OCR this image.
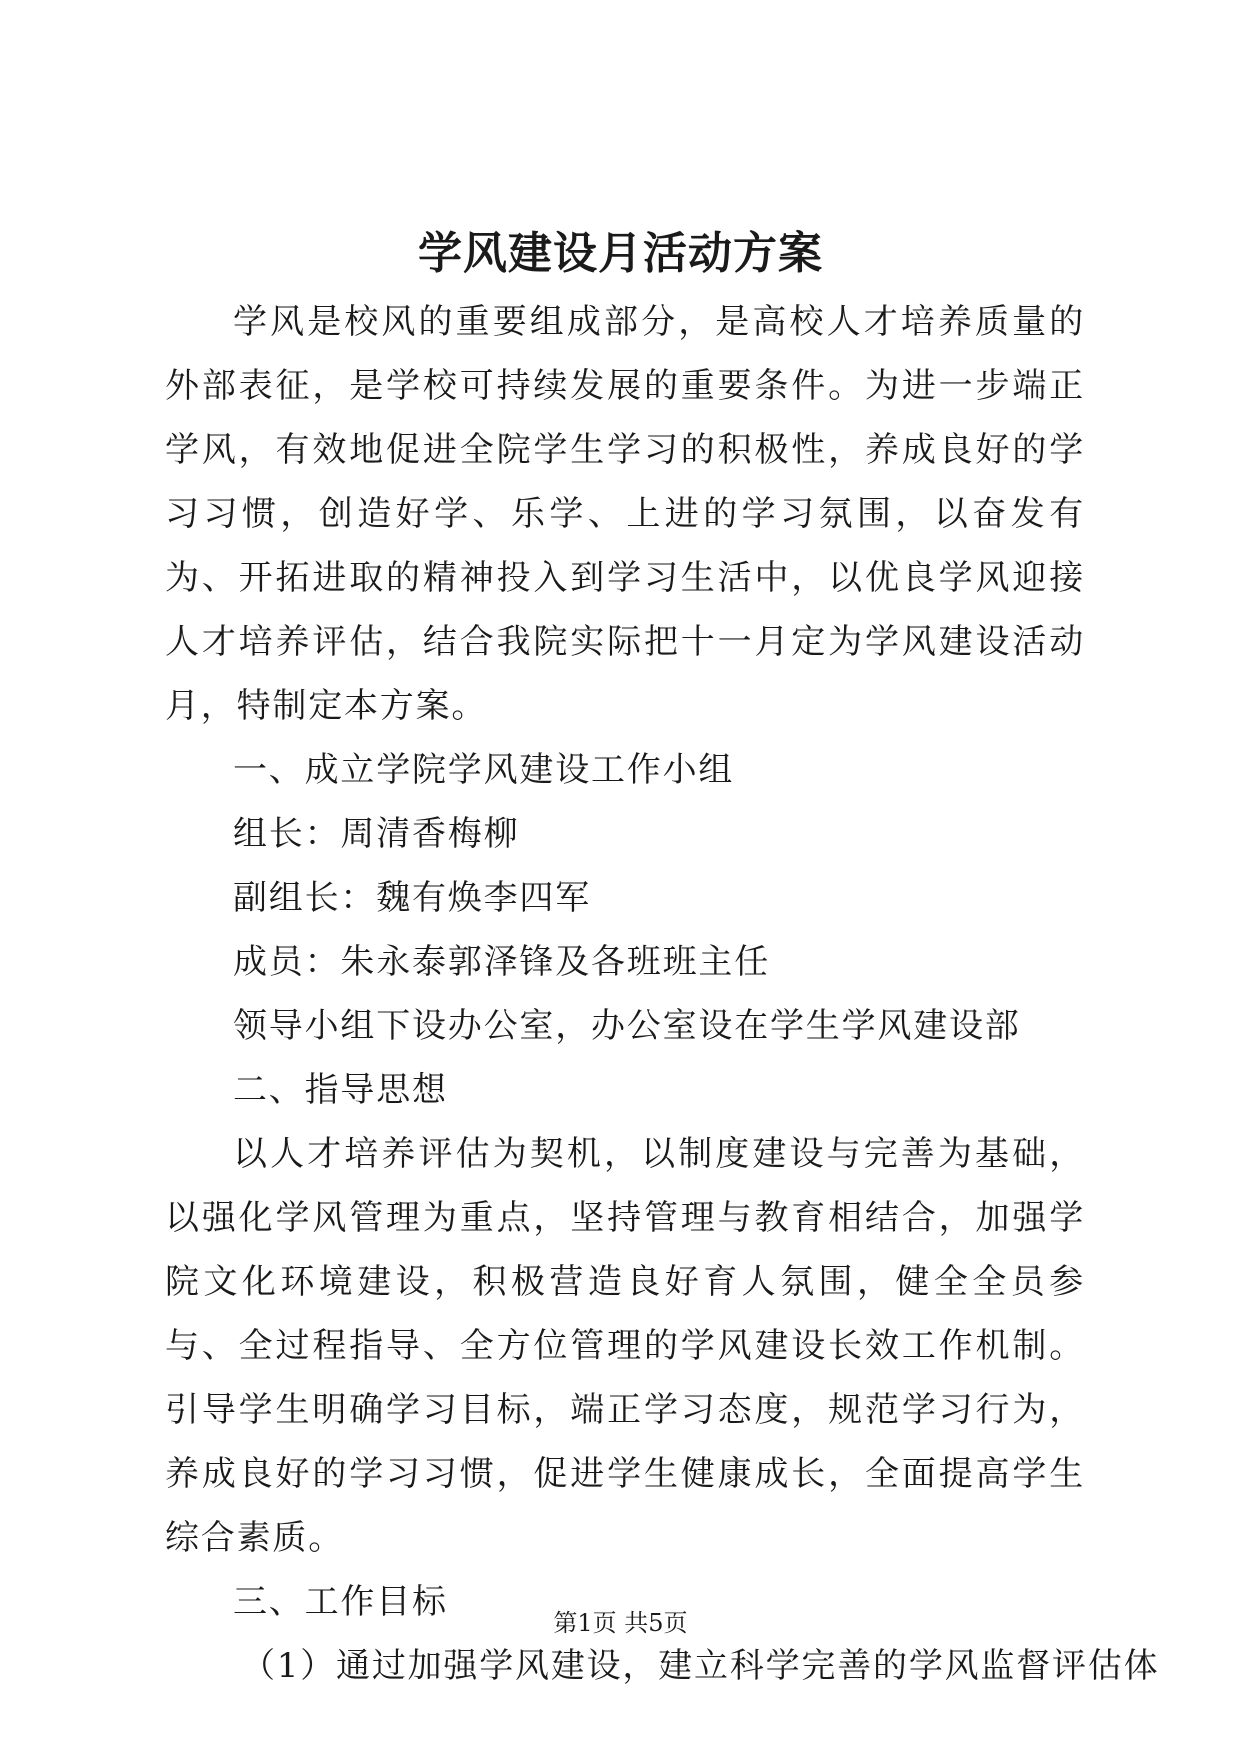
学风建设月活动方案

学风是校风的重要组成部分，是高校人才培养质量的外部表征，是学校可持续发展的重要条件。为进一步端正学风，有效地促进全院学生学习的积极性，养成良好的学习习惯，创造好学、乐学、上进的学习氛围，以奋发有为、开拓进取的精神投入到学习生活中，以优良学风迎接人才培养评估，结合我院实际把十一月定为学风建设活动月，特制定本方案。

一、成立学院学风建设工作小组

组长：周清香梅柳

副组长：魏有焕李四军

成员：朱永泰郭泽锋及各班班主任

领导小组下设办公室，办公室设在学生学风建设部

二、指导思想

以人才培养评估为契机，以制度建设与完善为基础，以强化学风管理为重点，坚持管理与教育相结合，加强学院文化环境建设，积极营造良好育人氛围，健全全员参与、全过程指导、全方位管理的学风建设长效工作机制。引导学生明确学习目标，端正学习态度，规范学习行为，养成良好的学习习惯，促进学生健康成长，全面提高学生综合素质。

三、工作目标

（1）通过加强学风建设，建立科学完善的学风监督评估体

第1页 共5页
